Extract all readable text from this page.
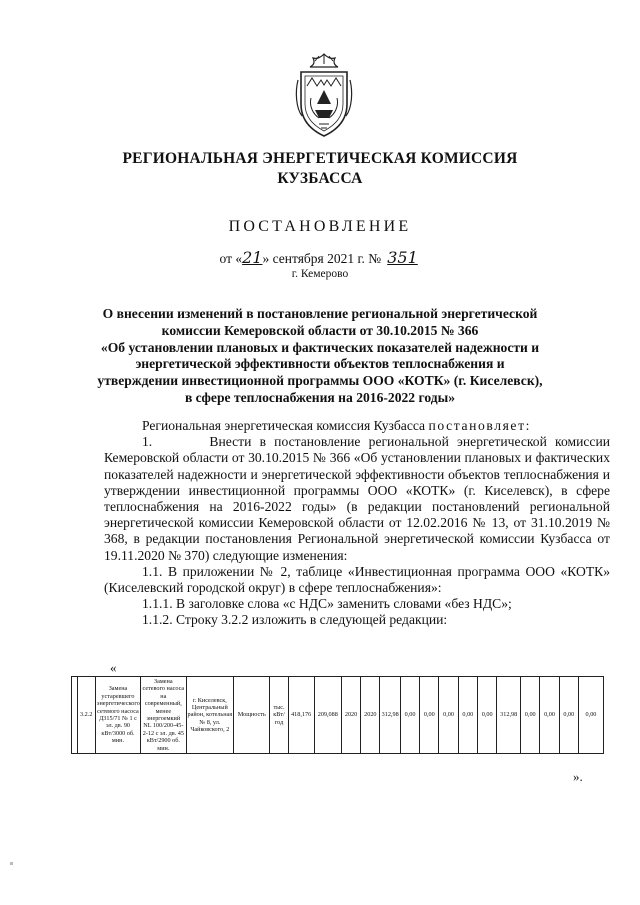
РЕГИОНАЛЬНАЯ ЭНЕРГЕТИЧЕСКАЯ КОМИССИЯ
КУЗБАССА
ПОСТАНОВЛЕНИЕ
от «21» сентября 2021 г. № 351
г. Кемерово
О внесении изменений в постановление региональной энергетической
комиссии Кемеровской области от 30.10.2015 № 366
«Об установлении плановых и фактических показателей надежности и
энергетической эффективности объектов теплоснабжения и
утверждении инвестиционной программы ООО «КОТК» (г. Киселевск),
в сфере теплоснабжения на 2016-2022 годы»

Региональная энергетическая комиссия Кузбасса постановляет:

1.       Внести в постановление региональной энергетической комиссии Кемеровской области от 30.10.2015 № 366 «Об установлении плановых и фактических показателей надежности и энергетической эффективности объектов теплоснабжения и утверждении инвестиционной программы ООО «КОТК» (г. Киселевск), в сфере теплоснабжения на 2016-2022 годы» (в редакции постановлений региональной энергетической комиссии Кемеровской области от 12.02.2016 № 13, от 31.10.2019 № 368, в редакции постановления Региональной энергетической комиссии Кузбасса от 19.11.2020 № 370) следующие изменения:

1.1. В приложении № 2, таблице «Инвестиционная программа ООО «КОТК» (Киселевский городской округ) в сфере теплоснабжения»:

1.1.1. В заголовке слова «с НДС» заменить словами «без НДС»;

1.1.2. Строку 3.2.2 изложить в следующей редакции:

«
	3.2.2	Замена устаревшего энергетического сетевого насоса Д315/71 № 1 с эл. дв. 90 кВт/3000 об. мин.	Замена сетевого насоса на современный, менее энергоемкий NL 100/200-45-2-12 с эл. дв. 45 кВт/2900 об. мин.	г. Киселевск, Центральный район, котельная № 8, ул. Чайковского, 2	Мощность	тыс. кВт/год	418,176	209,088	2020	2020	312,98	0,00	0,00	0,00	0,00	0,00	312,98	0,00	0,00	0,00	0,00
».
